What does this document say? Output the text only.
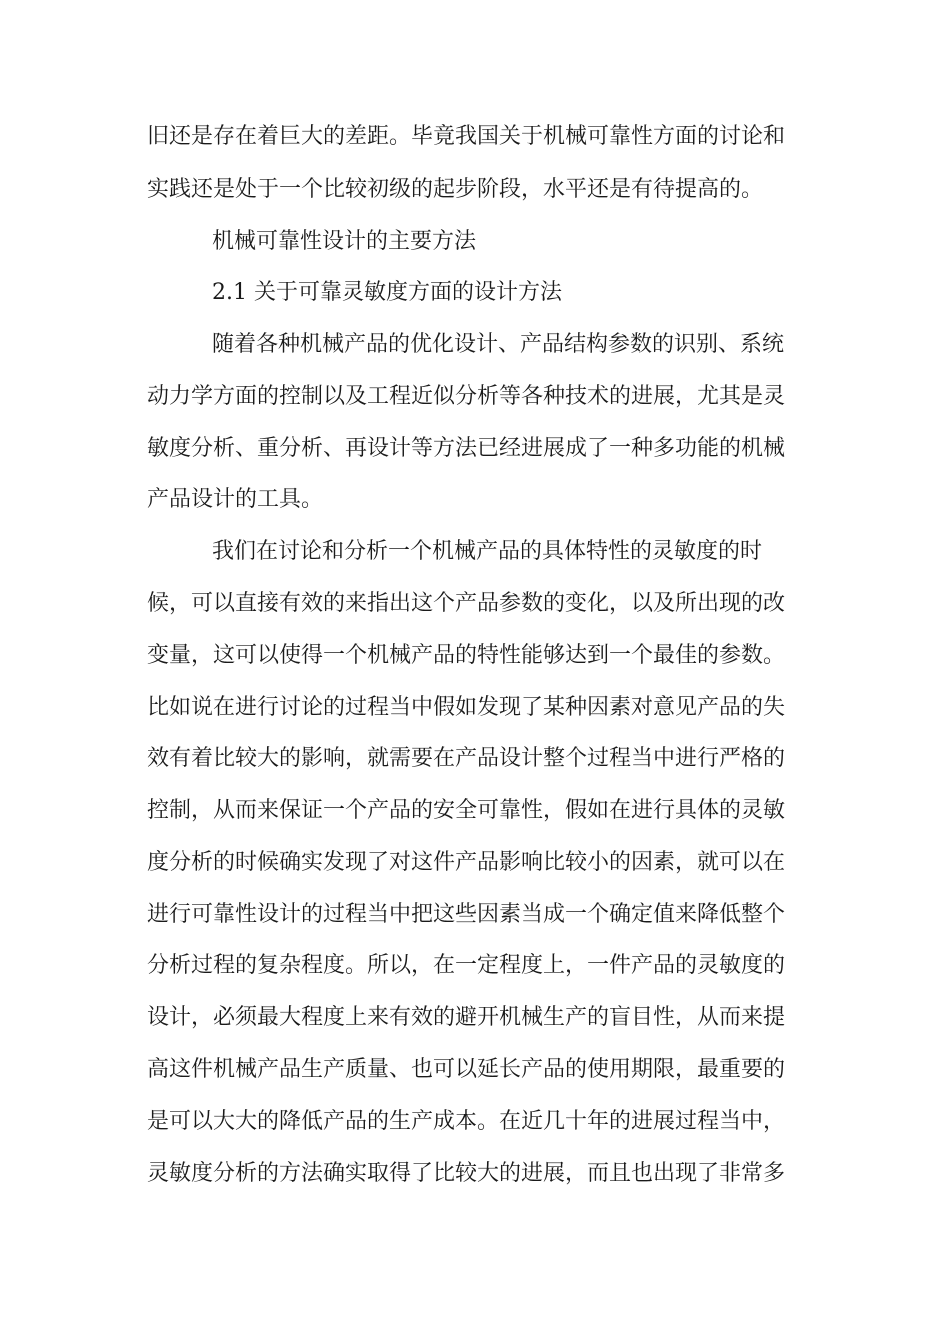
旧还是存在着巨大的差距。毕竟我国关于机械可靠性方面的讨论和
实践还是处于一个比较初级的起步阶段，水平还是有待提高的。
机械可靠性设计的主要方法
2.1 关于可靠灵敏度方面的设计方法
随着各种机械产品的优化设计、产品结构参数的识别、系统
动力学方面的控制以及工程近似分析等各种技术的进展，尤其是灵
敏度分析、重分析、再设计等方法已经进展成了一种多功能的机械
产品设计的工具。
我们在讨论和分析一个机械产品的具体特性的灵敏度的时
候，可以直接有效的来指出这个产品参数的变化，以及所出现的改
变量，这可以使得一个机械产品的特性能够达到一个最佳的参数。
比如说在进行讨论的过程当中假如发现了某种因素对意见产品的失
效有着比较大的影响，就需要在产品设计整个过程当中进行严格的
控制，从而来保证一个产品的安全可靠性，假如在进行具体的灵敏
度分析的时候确实发现了对这件产品影响比较小的因素，就可以在
进行可靠性设计的过程当中把这些因素当成一个确定值来降低整个
分析过程的复杂程度。所以，在一定程度上，一件产品的灵敏度的
设计，必须最大程度上来有效的避开机械生产的盲目性，从而来提
高这件机械产品生产质量、也可以延长产品的使用期限，最重要的
是可以大大的降低产品的生产成本。在近几十年的进展过程当中，
灵敏度分析的方法确实取得了比较大的进展，而且也出现了非常多
